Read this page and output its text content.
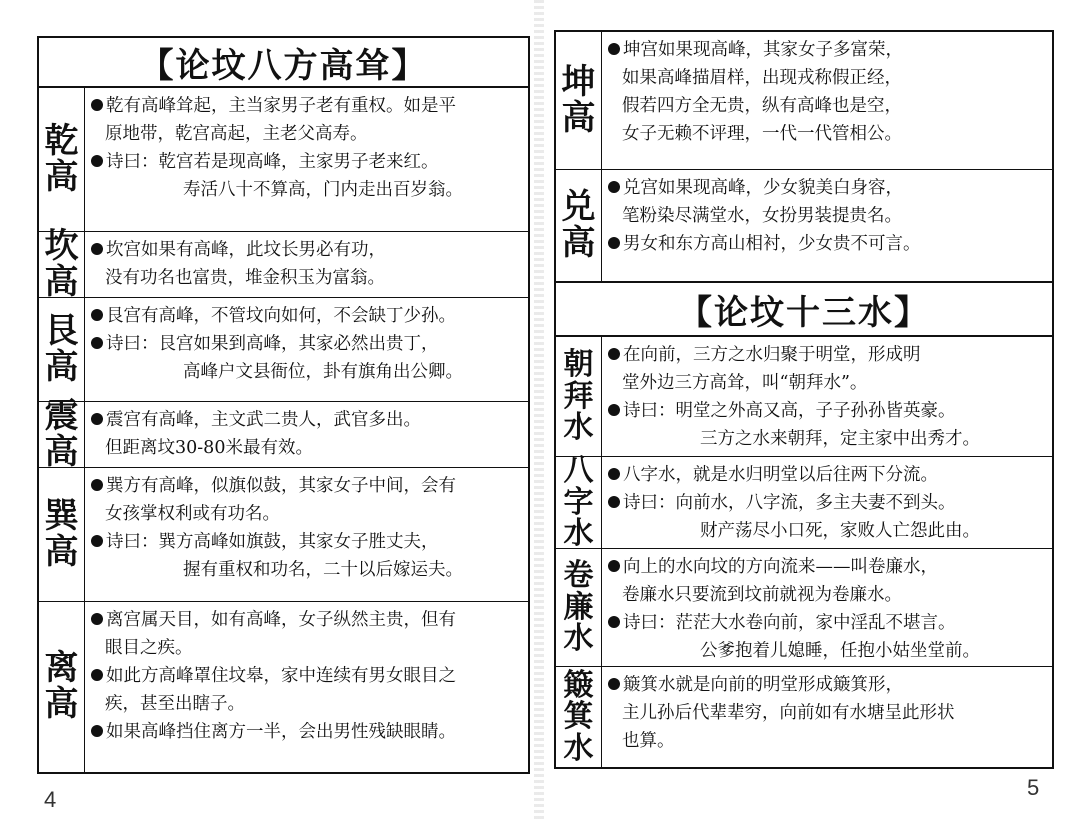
【论坟八方高耸】
乾
高
乾有高峰耸起，主当家男子老有重权。如是平
原地带，乾宫高起，主老父高寿。
诗曰：乾宫若是现高峰，主家男子老来红。
寿活八十不算高，门内走出百岁翁。
坎
高
坎宫如果有高峰，此坟长男必有功，
没有功名也富贵，堆金积玉为富翁。
艮
高
艮宫有高峰，不管坟向如何，不会缺丁少孙。
诗曰：艮宫如果到高峰，其家必然出贵丁，
高峰户文县衙位，卦有旗角出公卿。
震
高
震宫有高峰，主文武二贵人，武官多出。
但距离坟30-80米最有效。
巽
高
巽方有高峰，似旗似鼓，其家女子中间，会有
女孩掌权利或有功名。
诗曰：巽方高峰如旗鼓，其家女子胜丈夫，
握有重权和功名，二十以后嫁运夫。
离
高
离宫属天目，如有高峰，女子纵然主贵，但有
眼目之疾。
如此方高峰罩住坟皋，家中连续有男女眼目之
疾，甚至出瞎子。
如果高峰挡住离方一半，会出男性残缺眼睛。
4
坤
高
坤宫如果现高峰，其家女子多富荣，
如果高峰描眉样，出现戎称假正经，
假若四方全无贵，纵有高峰也是空，
女子无赖不评理，一代一代管相公。
兑
高
兑宫如果现高峰，少女貌美白身容，
笔粉染尽满堂水，女扮男装提贵名。
男女和东方高山相衬，少女贵不可言。
【论坟十三水】
朝
拜
水
在向前，三方之水归聚于明堂，形成明
堂外边三方高耸，叫“朝拜水”。
诗曰：明堂之外高又高，子子孙孙皆英豪。
三方之水来朝拜，定主家中出秀才。
八
字
水
八字水，就是水归明堂以后往两下分流。
诗曰：向前水，八字流，多主夫妻不到头。
财产荡尽小口死，家败人亡怨此由。
卷
廉
水
向上的水向坟的方向流来——叫卷廉水，
卷廉水只要流到坟前就视为卷廉水。
诗曰：茫茫大水卷向前，家中淫乱不堪言。
公爹抱着儿媳睡，任抱小姑坐堂前。
簸
箕
水
簸箕水就是向前的明堂形成簸箕形，
主儿孙后代辈辈穷，向前如有水塘呈此形状
也算。
5
